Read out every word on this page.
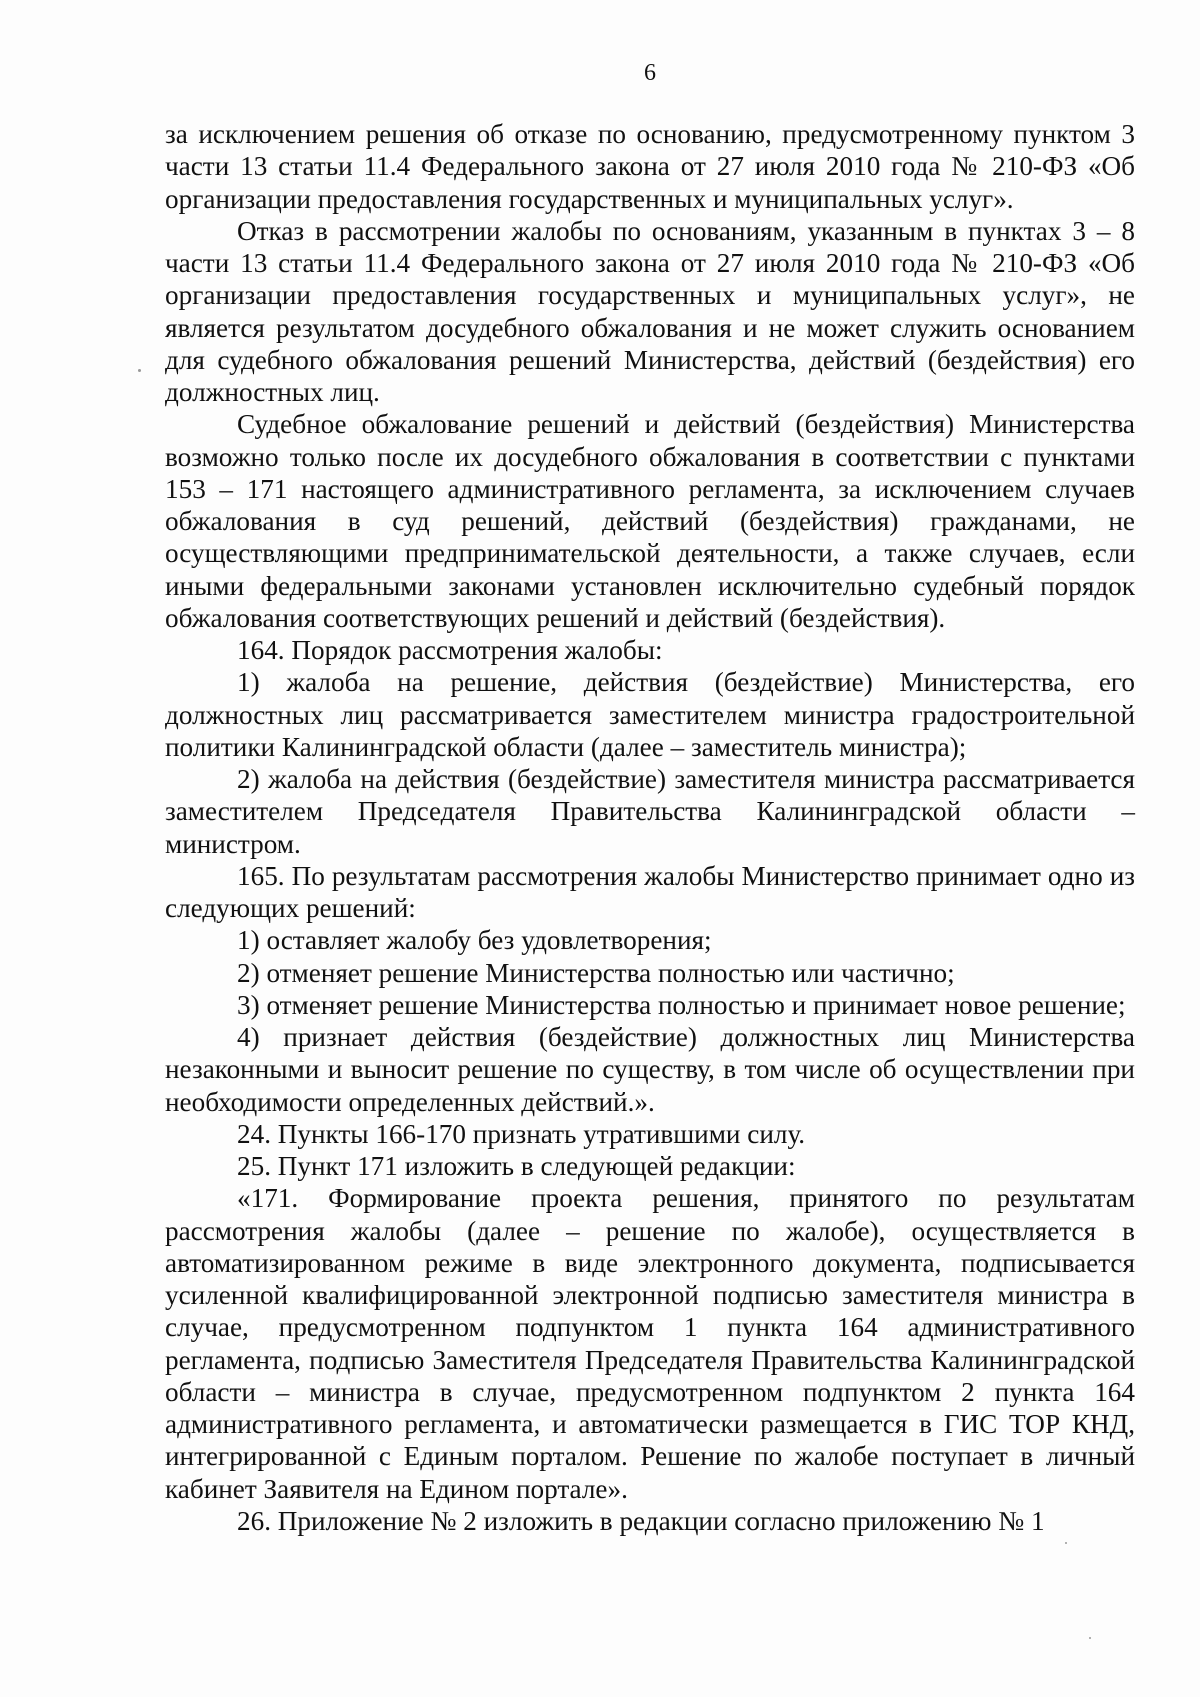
6

за исключением решения об отказе по основанию, предусмотренному пунктом 3 части 13 статьи 11.4 Федерального закона от 27 июля 2010 года № 210-ФЗ «Об организации предоставления государственных и муниципальных услуг».

Отказ в рассмотрении жалобы по основаниям, указанным в пунктах 3 – 8 части 13 статьи 11.4 Федерального закона от 27 июля 2010 года № 210-ФЗ «Об организации предоставления государственных и муниципальных услуг», не является результатом досудебного обжалования и не может служить основанием для судебного обжалования решений Министерства, действий (бездействия) его должностных лиц.

Судебное обжалование решений и действий (бездействия) Министерства возможно только после их досудебного обжалования в соответствии с пунктами 153 – 171 настоящего административного регламента, за исключением случаев обжалования в суд решений, действий (бездействия) гражданами, не осуществляющими предпринимательской деятельности, а также случаев, если иными федеральными законами установлен исключительно судебный порядок обжалования соответствующих решений и действий (бездействия).

164. Порядок рассмотрения жалобы:

1) жалоба на решение, действия (бездействие) Министерства, его должностных лиц рассматривается заместителем министра градостроительной политики Калининградской области (далее – заместитель министра);

2) жалоба на действия (бездействие) заместителя министра рассматривается заместителем Председателя Правительства Калининградской области – министром.

165. По результатам рассмотрения жалобы Министерство принимает одно из следующих решений:

1) оставляет жалобу без удовлетворения;

2) отменяет решение Министерства полностью или частично;

3) отменяет решение Министерства полностью и принимает новое решение;

4) признает действия (бездействие) должностных лиц Министерства незаконными и выносит решение по существу, в том числе об осуществлении при необходимости определенных действий.».

24. Пункты 166-170 признать утратившими силу.

25. Пункт 171 изложить в следующей редакции:

«171. Формирование проекта решения, принятого по результатам рассмотрения жалобы (далее – решение по жалобе), осуществляется в автоматизированном режиме в виде электронного документа, подписывается усиленной квалифицированной электронной подписью заместителя министра в случае, предусмотренном подпунктом 1 пункта 164 административного регламента, подписью Заместителя Председателя Правительства Калининградской области – министра в случае, предусмотренном подпунктом 2 пункта 164 административного регламента, и автоматически размещается в ГИС ТОР КНД, интегрированной с Единым порталом. Решение по жалобе поступает в личный кабинет Заявителя на Едином портале».

26. Приложение № 2 изложить в редакции согласно приложению № 1
